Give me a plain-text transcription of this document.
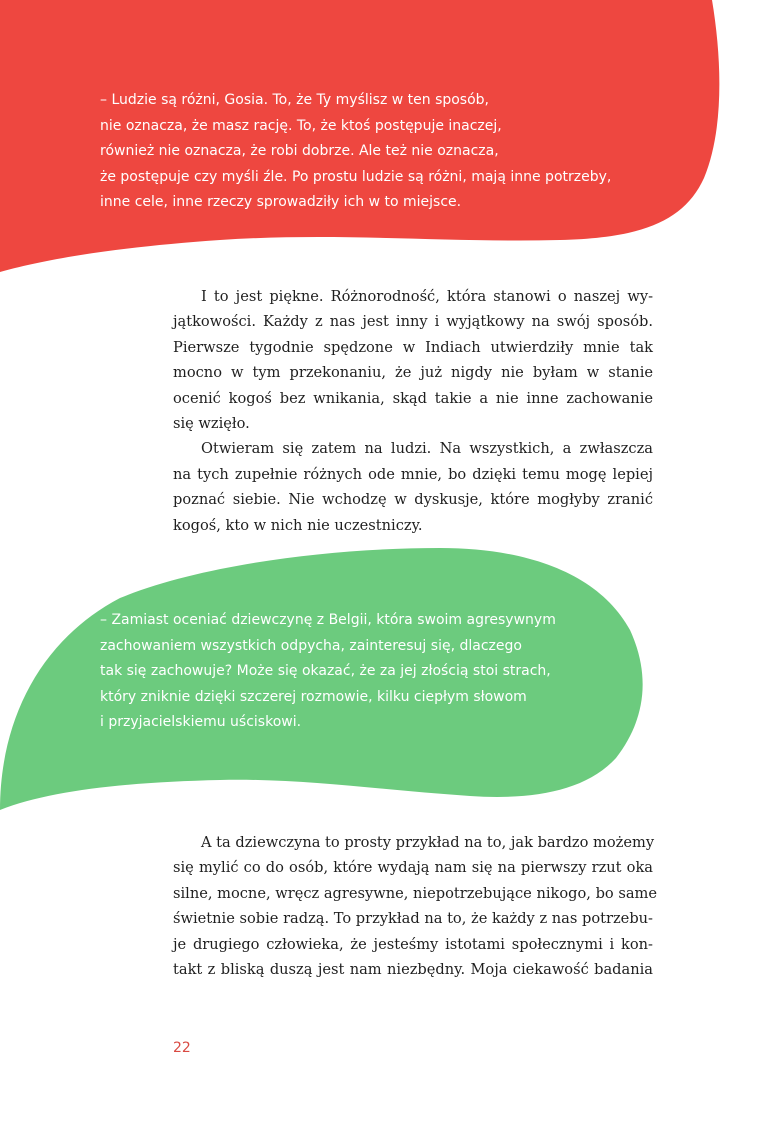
– Ludzie są różni, Gosia. To, że Ty myślisz w ten sposób,
nie oznacza, że masz rację. To, że ktoś postępuje inaczej,
również nie oznacza, że robi dobrze. Ale też nie oznacza,
że postępuje czy myśli źle. Po prostu ludzie są różni, mają inne potrzeby,
inne cele, inne rzeczy sprowadziły ich w to miejsce.
I to jest piękne. Różnorodność, która stanowi o naszej wy-
jątkowości. Każdy z nas jest inny i wyjątkowy na swój sposób.
Pierwsze tygodnie spędzone w Indiach utwierdziły mnie tak
mocno w tym przekonaniu, że już nigdy nie byłam w stanie
ocenić kogoś bez wnikania, skąd takie a nie inne zachowanie
się wzięło.
Otwieram się zatem na ludzi. Na wszystkich, a zwłaszcza
na tych zupełnie różnych ode mnie, bo dzięki temu mogę lepiej
poznać siebie. Nie wchodzę w dyskusje, które mogłyby zranić
kogoś, kto w nich nie uczestniczy.
– Zamiast oceniać dziewczynę z Belgii, która swoim agresywnym
zachowaniem wszystkich odpycha, zainteresuj się, dlaczego
tak się zachowuje? Może się okazać, że za jej złością stoi strach,
który zniknie dzięki szczerej rozmowie, kilku ciepłym słowom
i przyjacielskiemu uściskowi.
A ta dziewczyna to prosty przykład na to, jak bardzo możemy
się mylić co do osób, które wydają nam się na pierwszy rzut oka
silne, mocne, wręcz agresywne, niepotrzebujące nikogo, bo same
świetnie sobie radzą. To przykład na to, że każdy z nas potrzebu-
je drugiego człowieka, że jesteśmy istotami społecznymi i kon-
takt z bliską duszą jest nam niezbędny. Moja ciekawość badania
22
